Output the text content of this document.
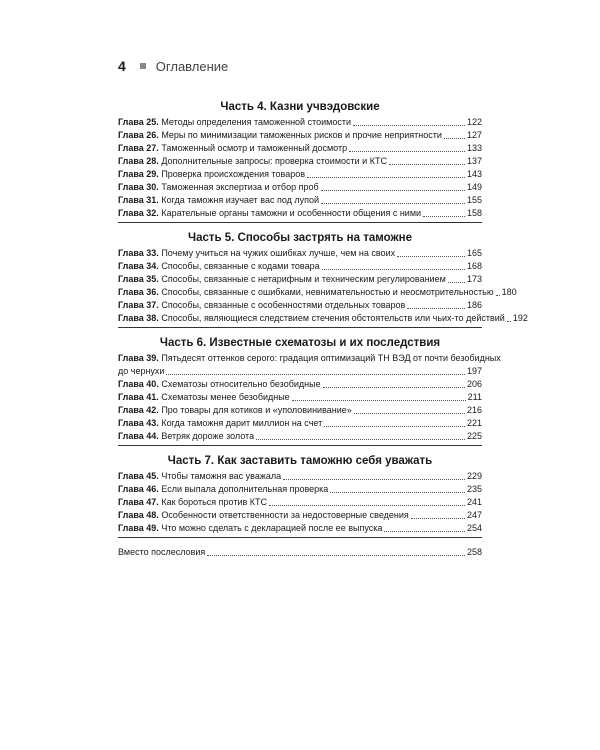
4 Оглавление
Часть 4. Казни учвэдовские
Глава 25. Методы определения таможенной стоимости	122
Глава 26. Меры по минимизации таможенных рисков и прочие неприятности	127
Глава 27. Таможенный осмотр и таможенный досмотр	133
Глава 28. Дополнительные запросы: проверка стоимости и КТС	137
Глава 29. Проверка происхождения товаров	143
Глава 30. Таможенная экспертиза и отбор проб	149
Глава 31. Когда таможня изучает вас под лупой	155
Глава 32. Карательные органы таможни и особенности общения с ними	158
Часть 5. Способы застрять на таможне
Глава 33. Почему учиться на чужих ошибках лучше, чем на своих	165
Глава 34. Способы, связанные с кодами товара	168
Глава 35. Способы, связанные с нетарифным и техническим регулированием 173
Глава 36. Способы, связанные с ошибками, невнимательностью и неосмотрительностью 180
Глава 37. Способы, связанные с особенностями отдельных товаров	186
Глава 38. Способы, являющиеся следствием стечения обстоятельств или чьих-то действий 192
Часть 6. Известные схематозы и их последствия
Глава 39. Пятьдесят оттенков серого: градация оптимизаций ТН ВЭД от почти безобидных
до чернухи	197
Глава 40. Схематозы относительно безобидные	206
Глава 41. Схематозы менее безобидные	211
Глава 42. Про товары для котиков и «уполовинивание»	216
Глава 43. Когда таможня дарит миллион на счет	221
Глава 44. Ветряк дороже золота	225
Часть 7. Как заставить таможню себя уважать
Глава 45. Чтобы таможня вас уважала	229
Глава 46. Если выпала дополнительная проверка	235
Глава 47. Как бороться против КТС	241
Глава 48. Особенности ответственности за недостоверные сведения	247
Глава 49. Что можно сделать с декларацией после ее выпуска	254
Вместо послесловия	258
